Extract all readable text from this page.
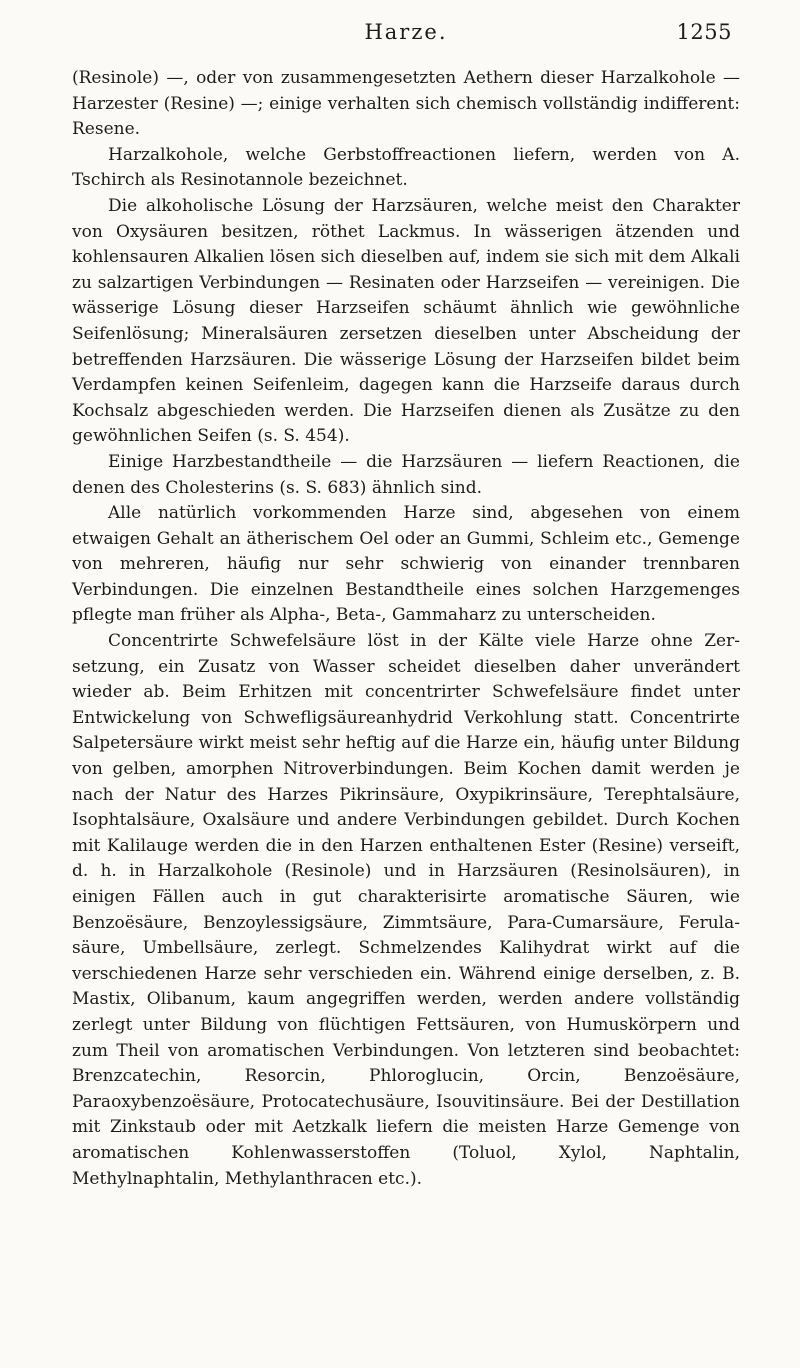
Harze.	1255

(Resinole) —, oder von zusammengesetzten Aethern dieser Harzalkohole — Harzester (Resine) —; einige verhalten sich chemisch vollständig indifferent: Resene.

Harzalkohole, welche Gerbstoffreactionen liefern, werden von A. Tschirch als Resinotannole bezeichnet.

Die alkoholische Lösung der Harzsäuren, welche meist den Charakter von Oxysäuren besitzen, röthet Lackmus. In wässerigen ätzenden und kohlensauren Alkalien lösen sich dieselben auf, indem sie sich mit dem Alkali zu salzartigen Verbindungen — Resinaten oder Harzseifen — vereinigen. Die wässerige Lösung dieser Harzseifen schäumt ähnlich wie gewöhnliche Seifenlösung; Mineralsäuren zersetzen dieselben unter Abscheidung der betreffenden Harzsäuren. Die wässerige Lösung der Harzseifen bildet beim Verdampfen keinen Seifenleim, dagegen kann die Harzseife daraus durch Kochsalz abgeschieden werden. Die Harzseifen dienen als Zusätze zu den gewöhnlichen Seifen (s. S. 454).

Einige Harzbestandtheile — die Harzsäuren — liefern Reactionen, die denen des Cholesterins (s. S. 683) ähnlich sind.

Alle natürlich vorkommenden Harze sind, abgesehen von einem etwaigen Gehalt an ätherischem Oel oder an Gummi, Schleim etc., Gemenge von mehreren, häufig nur sehr schwierig von einander trennbaren Verbindungen. Die einzelnen Bestandtheile eines solchen Harzgemenges pflegte man früher als Alpha-, Beta-, Gammaharz zu unterscheiden.

Concentrirte Schwefelsäure löst in der Kälte viele Harze ohne Zersetzung, ein Zusatz von Wasser scheidet dieselben daher unverändert wieder ab. Beim Erhitzen mit concentrirter Schwefelsäure findet unter Entwickelung von Schwefligsäureanhydrid Verkohlung statt. Concentrirte Salpetersäure wirkt meist sehr heftig auf die Harze ein, häufig unter Bildung von gelben, amorphen Nitroverbindungen. Beim Kochen damit werden je nach der Natur des Harzes Pikrinsäure, Oxypikrinsäure, Terephtalsäure, Isophtalsäure, Oxalsäure und andere Verbindungen gebildet. Durch Kochen mit Kalilauge werden die in den Harzen enthaltenen Ester (Resine) verseift, d. h. in Harzalkohole (Resinole) und in Harzsäuren (Resinolsäuren), in einigen Fällen auch in gut charakterisirte aromatische Säuren, wie Benzoësäure, Benzoylessigsäure, Zimmtsäure, Para-Cumarsäure, Ferulasäure, Umbellsäure, zerlegt. Schmelzendes Kalihydrat wirkt auf die verschiedenen Harze sehr verschieden ein. Während einige derselben, z. B. Mastix, Olibanum, kaum angegriffen werden, werden andere vollständig zerlegt unter Bildung von flüchtigen Fettsäuren, von Humuskörpern und zum Theil von aromatischen Verbindungen. Von letzteren sind beobachtet: Brenzcatechin, Resorcin, Phloroglucin, Orcin, Benzoësäure, Paraoxybenzoësäure, Protocatechusäure, Isouvitinsäure. Bei der Destillation mit Zinkstaub oder mit Aetzkalk liefern die meisten Harze Gemenge von aromatischen Kohlenwasserstoffen (Toluol, Xylol, Naphtalin, Methylnaphtalin, Methylanthracen etc.).
